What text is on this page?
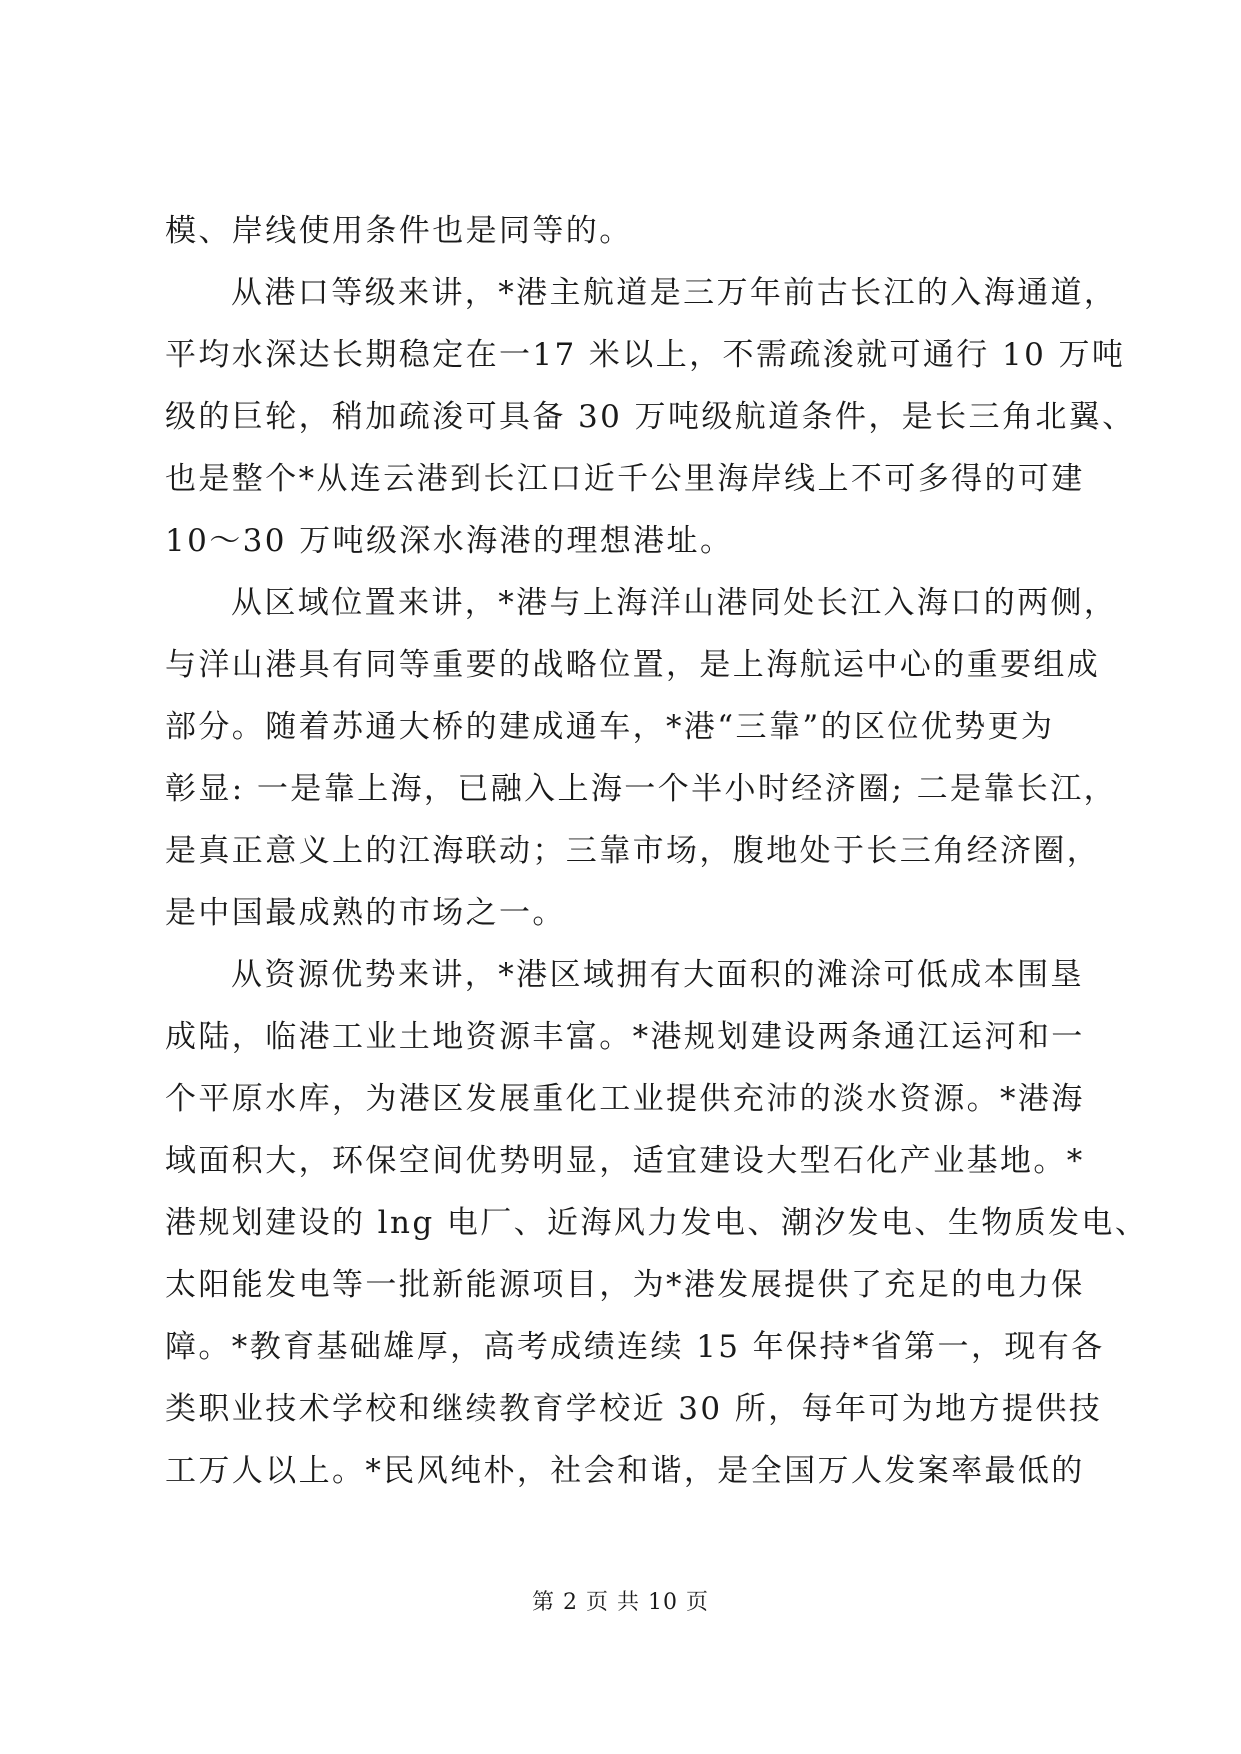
模、岸线使用条件也是同等的。
从港口等级来讲，*港主航道是三万年前古长江的入海通道，
平均水深达长期稳定在一17 米以上，不需疏浚就可通行 10 万吨
级的巨轮，稍加疏浚可具备 30 万吨级航道条件，是长三角北翼、
也是整个*从连云港到长江口近千公里海岸线上不可多得的可建
10～30 万吨级深水海港的理想港址。
从区域位置来讲，*港与上海洋山港同处长江入海口的两侧，
与洋山港具有同等重要的战略位置，是上海航运中心的重要组成
部分。随着苏通大桥的建成通车，*港“三靠”的区位优势更为
彰显: 一是靠上海，已融入上海一个半小时经济圈; 二是靠长江，
是真正意义上的江海联动；三靠市场，腹地处于长三角经济圈，
是中国最成熟的市场之一。
从资源优势来讲，*港区域拥有大面积的滩涂可低成本围垦
成陆，临港工业土地资源丰富。*港规划建设两条通江运河和一
个平原水库，为港区发展重化工业提供充沛的淡水资源。*港海
域面积大，环保空间优势明显，适宜建设大型石化产业基地。*
港规划建设的 lng 电厂、近海风力发电、潮汐发电、生物质发电、
太阳能发电等一批新能源项目，为*港发展提供了充足的电力保
障。*教育基础雄厚，高考成绩连续 15 年保持*省第一，现有各
类职业技术学校和继续教育学校近 30 所，每年可为地方提供技
工万人以上。*民风纯朴，社会和谐，是全国万人发案率最低的
第 2 页 共 10 页
